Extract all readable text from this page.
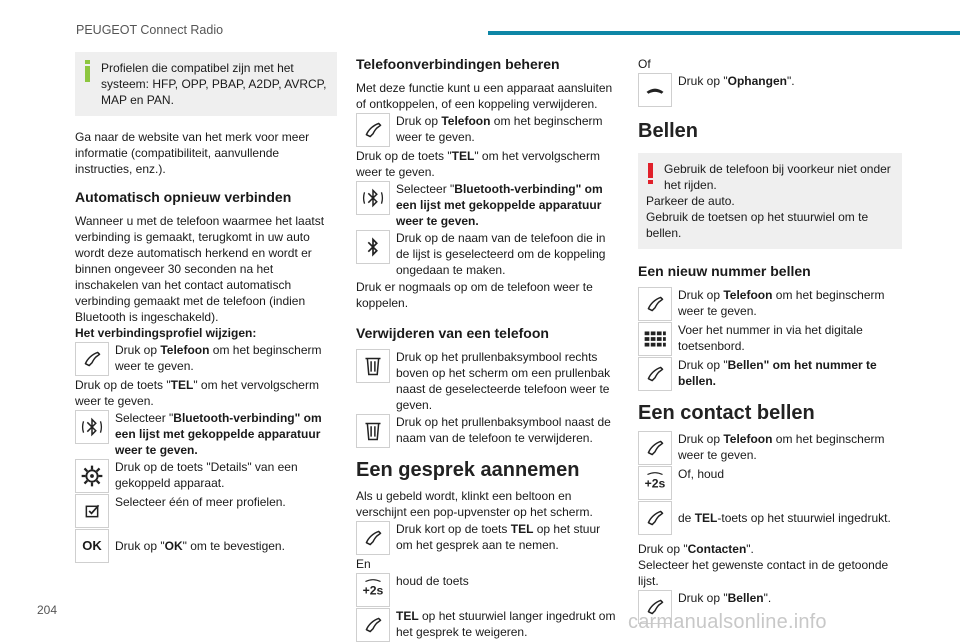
PEUGEOT Connect Radio
Profielen die compatibel zijn met het systeem: HFP, OPP, PBAP, A2DP, AVRCP, MAP en PAN.

Ga naar de website van het merk voor meer informatie (compatibiliteit, aanvullende instructies, enz.).

Automatisch opnieuw verbinden

Wanneer u met de telefoon waarmee het laatst verbinding is gemaakt, terugkomt in uw auto wordt deze automatisch herkend en wordt er binnen ongeveer 30 seconden na het inschakelen van het contact automatisch verbinding gemaakt met de telefoon (indien Bluetooth is ingeschakeld).

Het verbindingsprofiel wijzigen:

Druk op Telefoon om het beginscherm weer te geven.

Druk op de toets "TEL" om het vervolgscherm weer te geven.

Selecteer "Bluetooth-verbinding" om een lijst met gekoppelde apparatuur weer te geven.
Druk op de toets "Details" van een gekoppeld apparaat.
Selecteer één of meer profielen.
OK Druk op "OK" om te bevestigen.
Telefoonverbindingen beheren

Met deze functie kunt u een apparaat aansluiten of ontkoppelen, of een koppeling verwijderen.

Druk op Telefoon om het beginscherm weer te geven.

Druk op de toets "TEL" om het vervolgscherm weer te geven.

Selecteer "Bluetooth-verbinding" om een lijst met gekoppelde apparatuur weer te geven.
Druk op de naam van de telefoon die in de lijst is geselecteerd om de koppeling ongedaan te maken.

Druk er nogmaals op om de telefoon weer te koppelen.

Verwijderen van een telefoon
Druk op het prullenbaksymbool rechts boven op het scherm om een prullenbak naast de geselecteerde telefoon weer te geven.
Druk op het prullenbaksymbool naast de naam van de telefoon te verwijderen.
Een gesprek aannemen

Als u gebeld wordt, klinkt een beltoon en verschijnt een pop-upvenster op het scherm.

Druk kort op de toets TEL op het stuur om het gesprek aan te nemen.

En

houd de toets
TEL op het stuurwiel langer ingedrukt om het gesprek te weigeren.

Of

Druk op "Ophangen".
Bellen
Gebruik de telefoon bij voorkeur niet onder het rijden.

Parkeer de auto.

Gebruik de toetsen op het stuurwiel om te bellen.

Een nieuw nummer bellen
Druk op Telefoon om het beginscherm weer te geven.
Voer het nummer in via het digitale toetsenbord.
Druk op "Bellen" om het nummer te bellen.
Een contact bellen
Druk op Telefoon om het beginscherm weer te geven.
Of, houd
de TEL-toets op het stuurwiel ingedrukt.

Druk op "Contacten".

Selecteer het gewenste contact in de getoonde lijst.

Druk op "Bellen".
204
carmanualsonline.info
